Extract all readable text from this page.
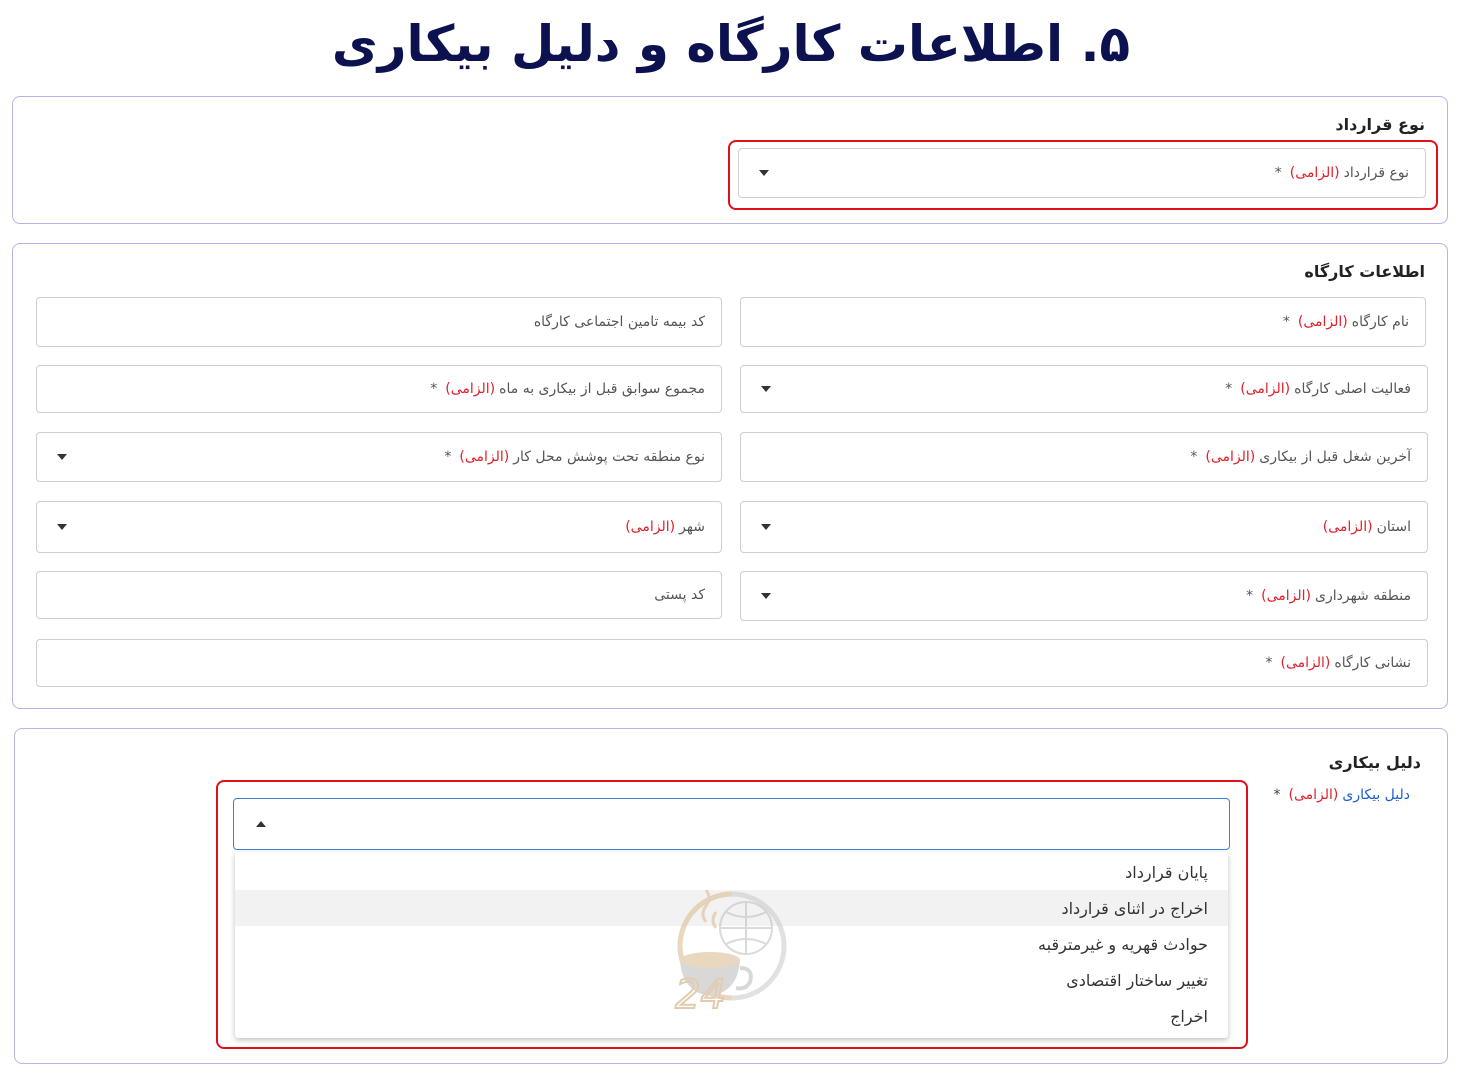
۵. اطلاعات کارگاه و دلیل بیکاری
نوع قرارداد
نوع قرارداد(الزامی)*
اطلاعات کارگاه
نام کارگاه(الزامی)*
کد بیمه تامین اجتماعی کارگاه
فعالیت اصلی کارگاه(الزامی)*
مجموع سوابق قبل از بیکاری به ماه(الزامی)*
آخرین شغل قبل از بیکاری(الزامی)*
نوع منطقه تحت پوشش محل کار(الزامی)*
استان(الزامی)
شهر(الزامی)
منطقه شهرداری(الزامی)*
کد پستی
نشانی کارگاه(الزامی)*
دلیل بیکاری
دلیل بیکاری(الزامی)*
پایان قرارداد
اخراج در اثنای قرارداد
حوادث قهریه و غیرمترقبه
تغییر ساختار اقتصادی
اخراج
24
